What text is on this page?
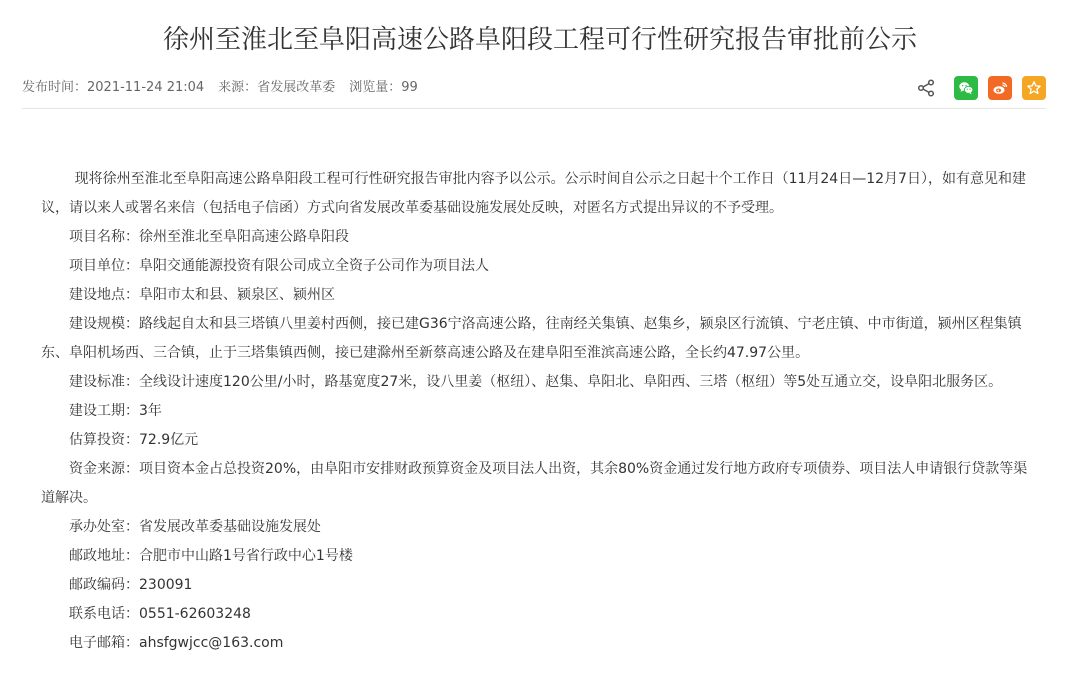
徐州至淮北至阜阳高速公路阜阳段工程可行性研究报告审批前公示
发布时间：2021-11-24 21:04 来源：省发展改革委 浏览量：99

现将徐州至淮北至阜阳高速公路阜阳段工程可行性研究报告审批内容予以公示。公示时间自公示之日起十个工作日（11月24日—12月7日），如有意见和建议，请以来人或署名来信（包括电子信函）方式向省发展改革委基础设施发展处反映，对匿名方式提出异议的不予受理。

项目名称：徐州至淮北至阜阳高速公路阜阳段

项目单位：阜阳交通能源投资有限公司成立全资子公司作为项目法人

建设地点：阜阳市太和县、颍泉区、颍州区

建设规模：路线起自太和县三塔镇八里姜村西侧，接已建G36宁洛高速公路，往南经关集镇、赵集乡，颍泉区行流镇、宁老庄镇、中市街道，颍州区程集镇东、阜阳机场西、三合镇，止于三塔集镇西侧，接已建滁州至新蔡高速公路及在建阜阳至淮滨高速公路，全长约47.97公里。

建设标准：全线设计速度120公里/小时，路基宽度27米，设八里姜（枢纽）、赵集、阜阳北、阜阳西、三塔（枢纽）等5处互通立交，设阜阳北服务区。

建设工期：3年

估算投资：72.9亿元

资金来源：项目资本金占总投资20%，由阜阳市安排财政预算资金及项目法人出资，其余80%资金通过发行地方政府专项债券、项目法人申请银行贷款等渠道解决。

承办处室：省发展改革委基础设施发展处

邮政地址：合肥市中山路1号省行政中心1号楼

邮政编码：230091

联系电话：0551-62603248

电子邮箱：ahsfgwjcc@163.com
